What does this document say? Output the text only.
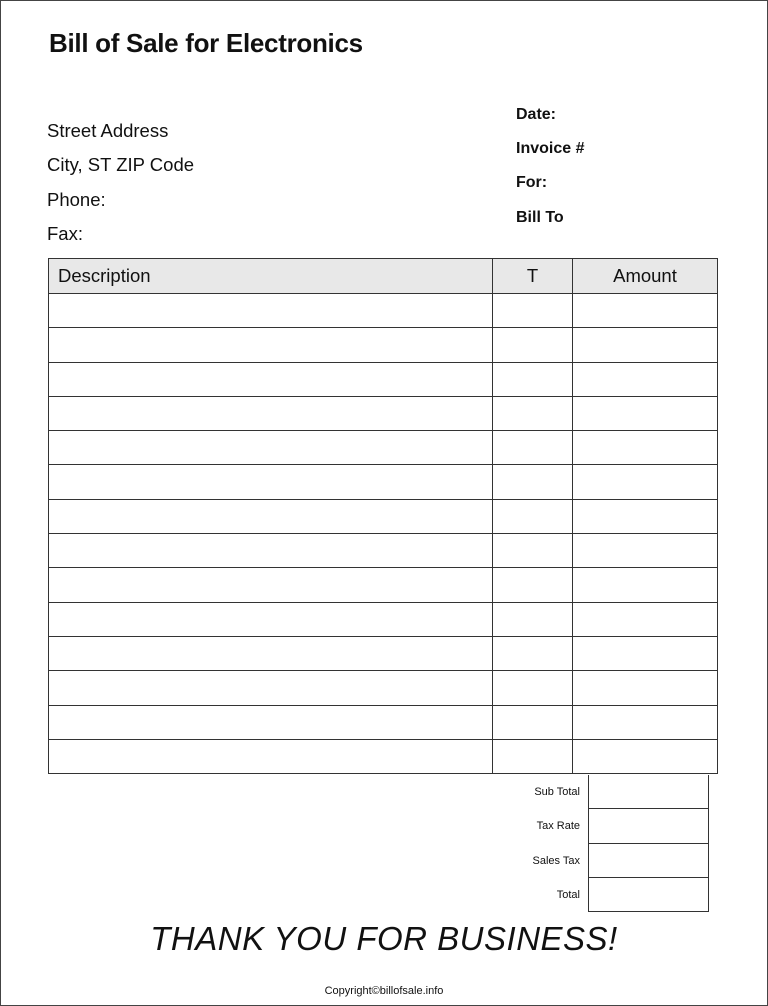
Bill of Sale for Electronics
Street Address
City, ST ZIP Code
Phone:
Fax:
Date:
Invoice #
For:
Bill To
Description	T	Amount

Sub Total
Tax Rate
Sales Tax
Total
THANK YOU FOR BUSINESS!
Copyright©billofsale.info
